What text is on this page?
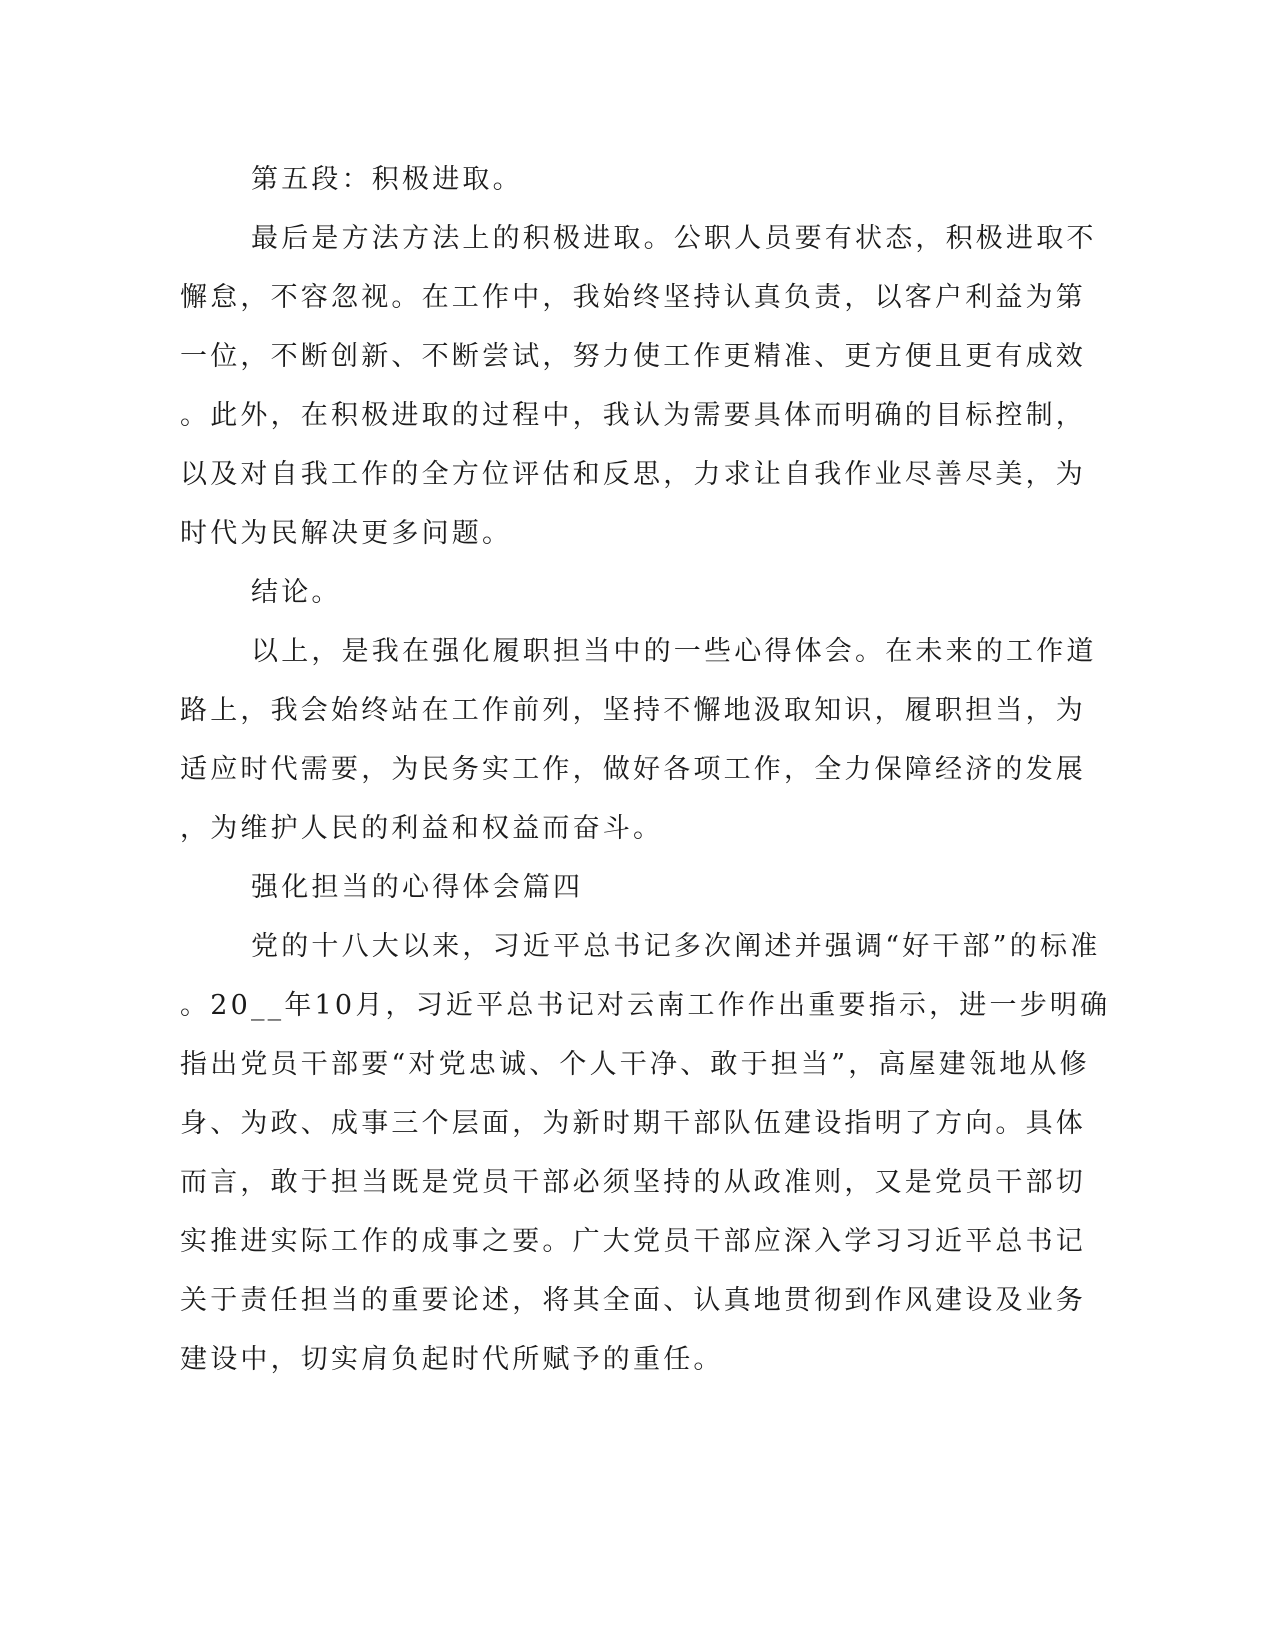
第五段：积极进取。
最后是方法方法上的积极进取。公职人员要有状态，积极进取不
懈怠，不容忽视。在工作中，我始终坚持认真负责，以客户利益为第
一位，不断创新、不断尝试，努力使工作更精准、更方便且更有成效
。此外，在积极进取的过程中，我认为需要具体而明确的目标控制，
以及对自我工作的全方位评估和反思，力求让自我作业尽善尽美，为
时代为民解决更多问题。
结论。
以上，是我在强化履职担当中的一些心得体会。在未来的工作道
路上，我会始终站在工作前列，坚持不懈地汲取知识，履职担当，为
适应时代需要，为民务实工作，做好各项工作，全力保障经济的发展
，为维护人民的利益和权益而奋斗。
强化担当的心得体会篇四
党的十八大以来，习近平总书记多次阐述并强调“好干部”的标准
。20__年10月，习近平总书记对云南工作作出重要指示，进一步明确
指出党员干部要“对党忠诚、个人干净、敢于担当”，高屋建瓴地从修
身、为政、成事三个层面，为新时期干部队伍建设指明了方向。具体
而言，敢于担当既是党员干部必须坚持的从政准则，又是党员干部切
实推进实际工作的成事之要。广大党员干部应深入学习习近平总书记
关于责任担当的重要论述，将其全面、认真地贯彻到作风建设及业务
建设中，切实肩负起时代所赋予的重任。
